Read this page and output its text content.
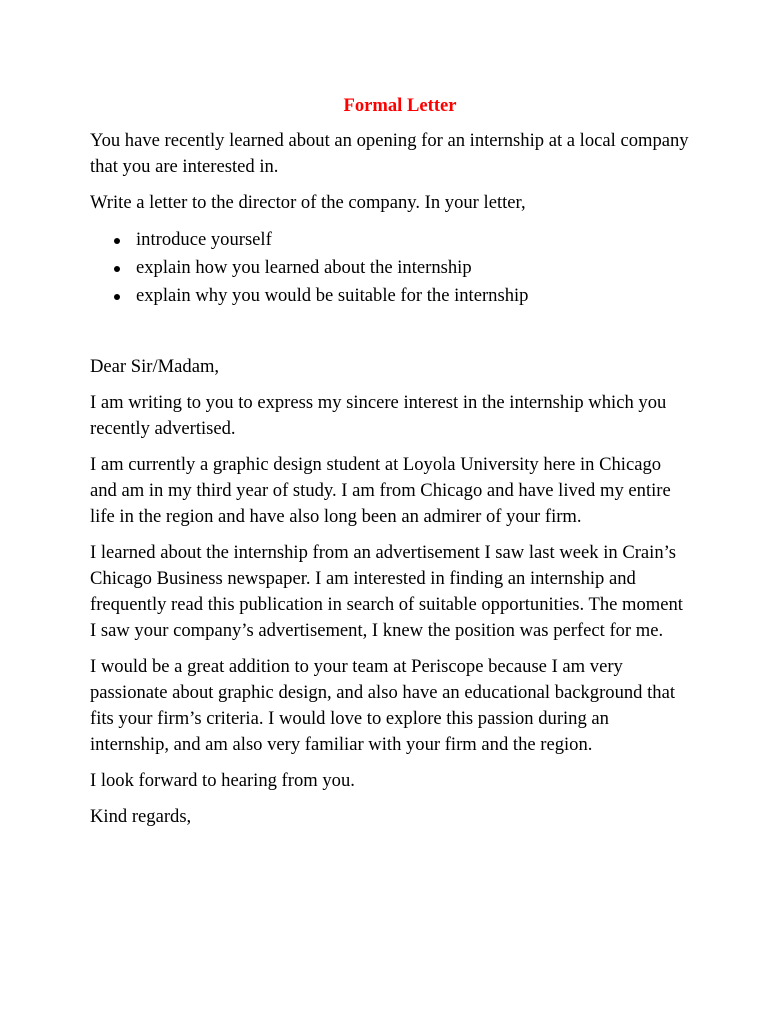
Formal Letter

You have recently learned about an opening for an internship at a local company that you are interested in.

Write a letter to the director of the company. In your letter,

introduce yourself
explain how you learned about the internship
explain why you would be suitable for the internship

Dear Sir/Madam,

I am writing to you to express my sincere interest in the internship which you recently advertised.

I am currently a graphic design student at Loyola University here in Chicago and am in my third year of study. I am from Chicago and have lived my entire life in the region and have also long been an admirer of your firm.

I learned about the internship from an advertisement I saw last week in Crain’s Chicago Business newspaper. I am interested in finding an internship and frequently read this publication in search of suitable opportunities. The moment I saw your company’s advertisement, I knew the position was perfect for me.

I would be a great addition to your team at Periscope because I am very passionate about graphic design, and also have an educational background that fits your firm’s criteria. I would love to explore this passion during an internship, and am also very familiar with your firm and the region.

I look forward to hearing from you.

Kind regards,
